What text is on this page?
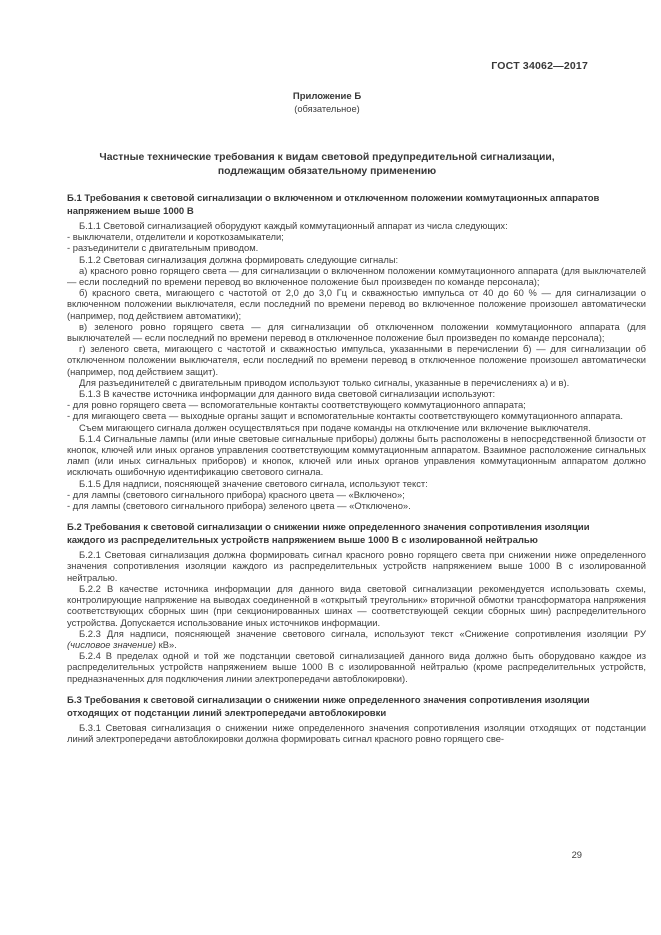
ГОСТ 34062—2017
Приложение Б
(обязательное)
Частные технические требования к видам световой предупредительной сигнализации, подлежащим обязательному применению
Б.1 Требования к световой сигнализации о включенном и отключенном положении коммутационных аппаратов напряжением выше 1000 В

Б.1.1 Световой сигнализацией оборудуют каждый коммутационный аппарат из числа следующих:

- выключатели, отделители и короткозамыкатели;

- разъединители с двигательным приводом.

Б.1.2 Световая сигнализация должна формировать следующие сигналы:

а) красного ровно горящего света — для сигнализации о включенном положении коммутационного аппарата (для выключателей — если последний по времени перевод во включенное положение был произведен по команде персонала);

б) красного света, мигающего с частотой от 2,0 до 3,0 Гц и скважностью импульса от 40 до 60 % — для сигнализации о включенном положении выключателя, если последний по времени перевод во включенное положение произошел автоматически (например, под действием автоматики);

в) зеленого ровно горящего света — для сигнализации об отключенном положении коммутационного аппарата (для выключателей — если последний по времени перевод в отключенное положение был произведен по команде персонала);

г) зеленого света, мигающего с частотой и скважностью импульса, указанными в перечислении б) — для сигнализации об отключенном положении выключателя, если последний по времени перевод в отключенное положение произошел автоматически (например, под действием защит).

Для разъединителей с двигательным приводом используют только сигналы, указанные в перечислениях а) и в).

Б.1.3 В качестве источника информации для данного вида световой сигнализации используют:

- для ровно горящего света — вспомогательные контакты соответствующего коммутационного аппарата;

- для мигающего света — выходные органы защит и вспомогательные контакты соответствующего коммутационного аппарата.

Съем мигающего сигнала должен осуществляться при подаче команды на отключение или включение выключателя.

Б.1.4 Сигнальные лампы (или иные световые сигнальные приборы) должны быть расположены в непосредственной близости от кнопок, ключей или иных органов управления соответствующим коммутационным аппаратом. Взаимное расположение сигнальных ламп (или иных сигнальных приборов) и кнопок, ключей или иных органов управления коммутационным аппаратом должно исключать ошибочную идентификацию светового сигнала.

Б.1.5 Для надписи, поясняющей значение светового сигнала, используют текст:

- для лампы (светового сигнального прибора) красного цвета — «Включено»;

- для лампы (светового сигнального прибора) зеленого цвета — «Отключено».

Б.2 Требования к световой сигнализации о снижении ниже определенного значения сопротивления изоляции каждого из распределительных устройств напряжением выше 1000 В с изолированной нейтралью

Б.2.1 Световая сигнализация должна формировать сигнал красного ровно горящего света при снижении ниже определенного значения сопротивления изоляции каждого из распределительных устройств напряжением выше 1000 В с изолированной нейтралью.

Б.2.2 В качестве источника информации для данного вида световой сигнализации рекомендуется использовать схемы, контролирующие напряжение на выводах соединенной в «открытый треугольник» вторичной обмотки трансформатора напряжения соответствующих сборных шин (при секционированных шинах — соответствующей секции сборных шин) распределительного устройства. Допускается использование иных источников информации.

Б.2.3 Для надписи, поясняющей значение светового сигнала, используют текст «Снижение сопротивления изоляции РУ (числовое значение) кВ».

Б.2.4 В пределах одной и той же подстанции световой сигнализацией данного вида должно быть оборудовано каждое из распределительных устройств напряжением выше 1000 В с изолированной нейтралью (кроме распределительных устройств, предназначенных для подключения линии электропередачи автоблокировки).

Б.3 Требования к световой сигнализации о снижении ниже определенного значения сопротивления изоляции отходящих от подстанции линий электропередачи автоблокировки

Б.3.1 Световая сигнализация о снижении ниже определенного значения сопротивления изоляции отходящих от подстанции линий электропередачи автоблокировки должна формировать сигнал красного ровно горящего све-

29
